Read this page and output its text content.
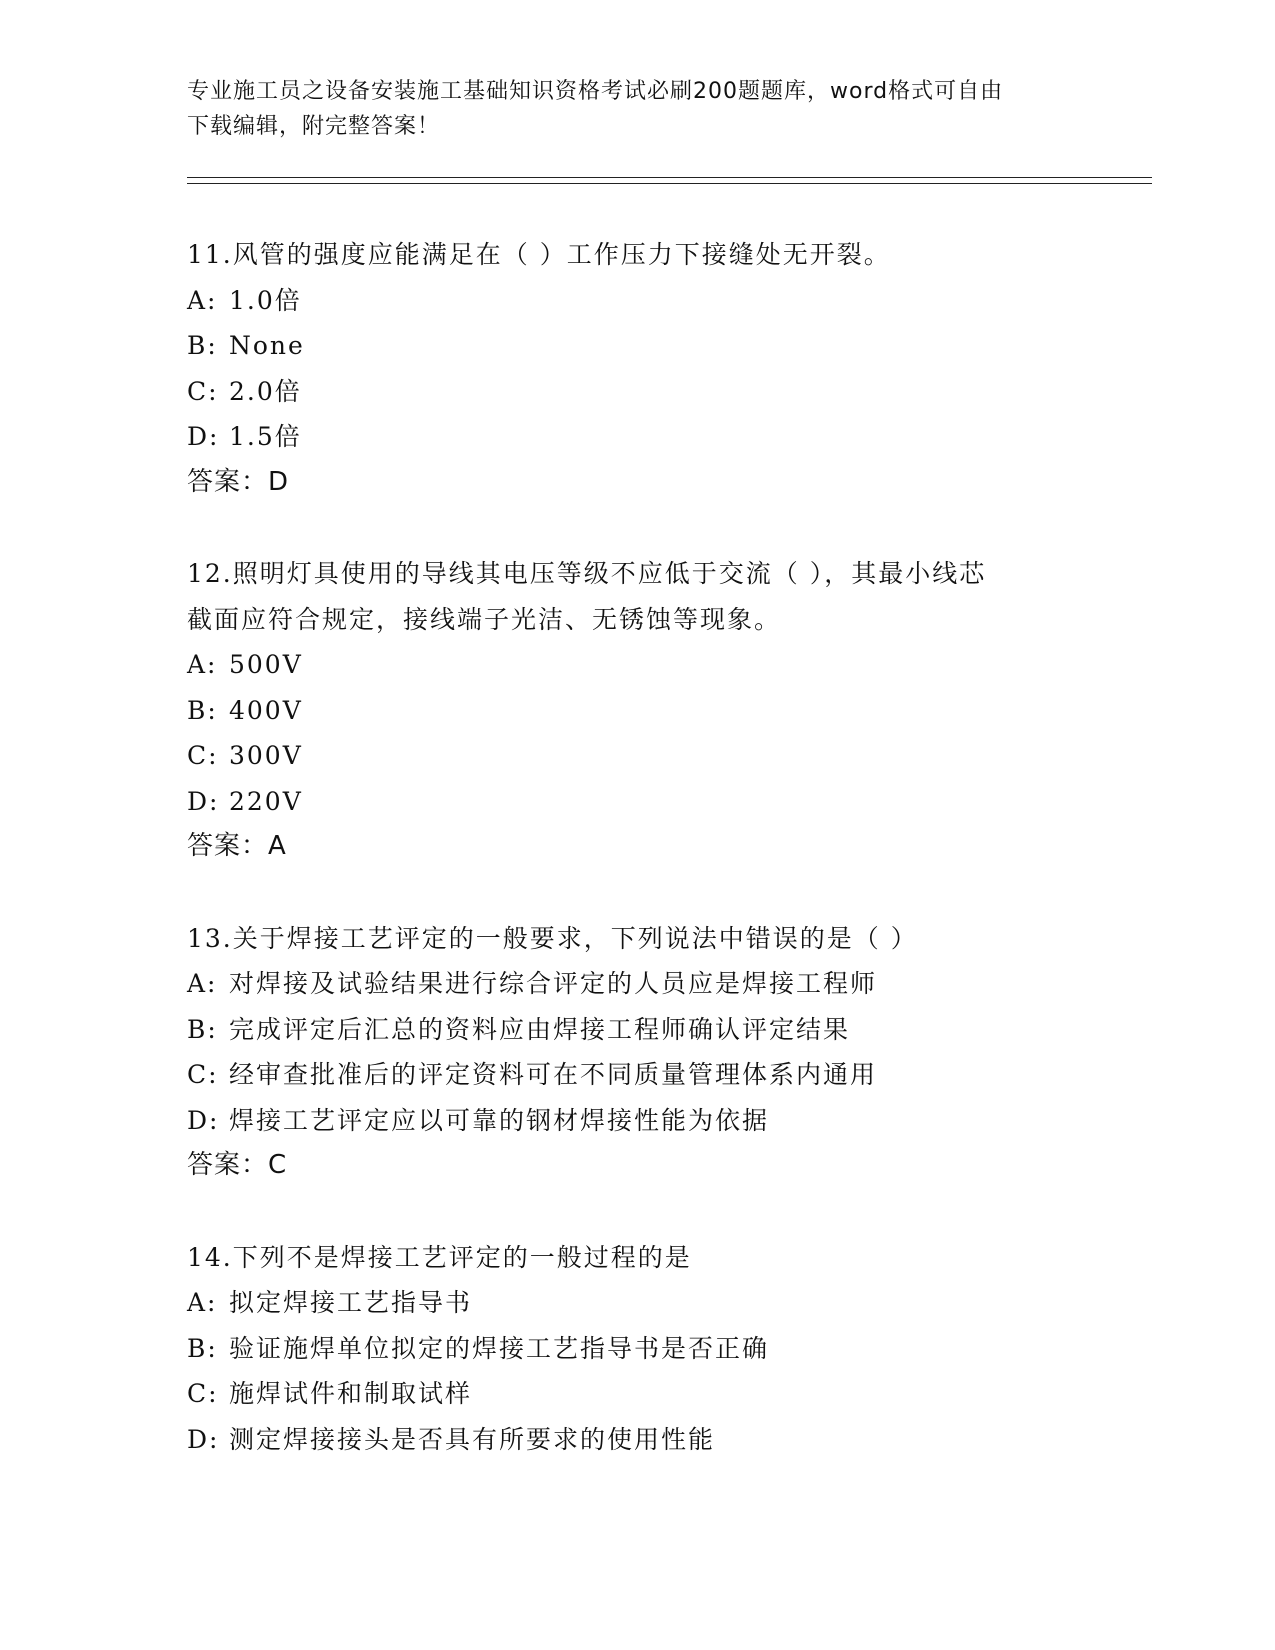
专业施工员之设备安装施工基础知识资格考试必刷200题题库，word格式可自由
下载编辑，附完整答案！
11.风管的强度应能满足在（ ）工作压力下接缝处无开裂。
A: 1.0倍
B: None
C: 2.0倍
D: 1.5倍
答案：D
12.照明灯具使用的导线其电压等级不应低于交流（ ），其最小线芯
截面应符合规定，接线端子光洁、无锈蚀等现象。
A: 500V
B: 400V
C: 300V
D: 220V
答案：A
13.关于焊接工艺评定的一般要求，下列说法中错误的是（ ）
A: 对焊接及试验结果进行综合评定的人员应是焊接工程师
B: 完成评定后汇总的资料应由焊接工程师确认评定结果
C: 经审查批准后的评定资料可在不同质量管理体系内通用
D: 焊接工艺评定应以可靠的钢材焊接性能为依据
答案：C
14.下列不是焊接工艺评定的一般过程的是
A: 拟定焊接工艺指导书
B: 验证施焊单位拟定的焊接工艺指导书是否正确
C: 施焊试件和制取试样
D: 测定焊接接头是否具有所要求的使用性能
